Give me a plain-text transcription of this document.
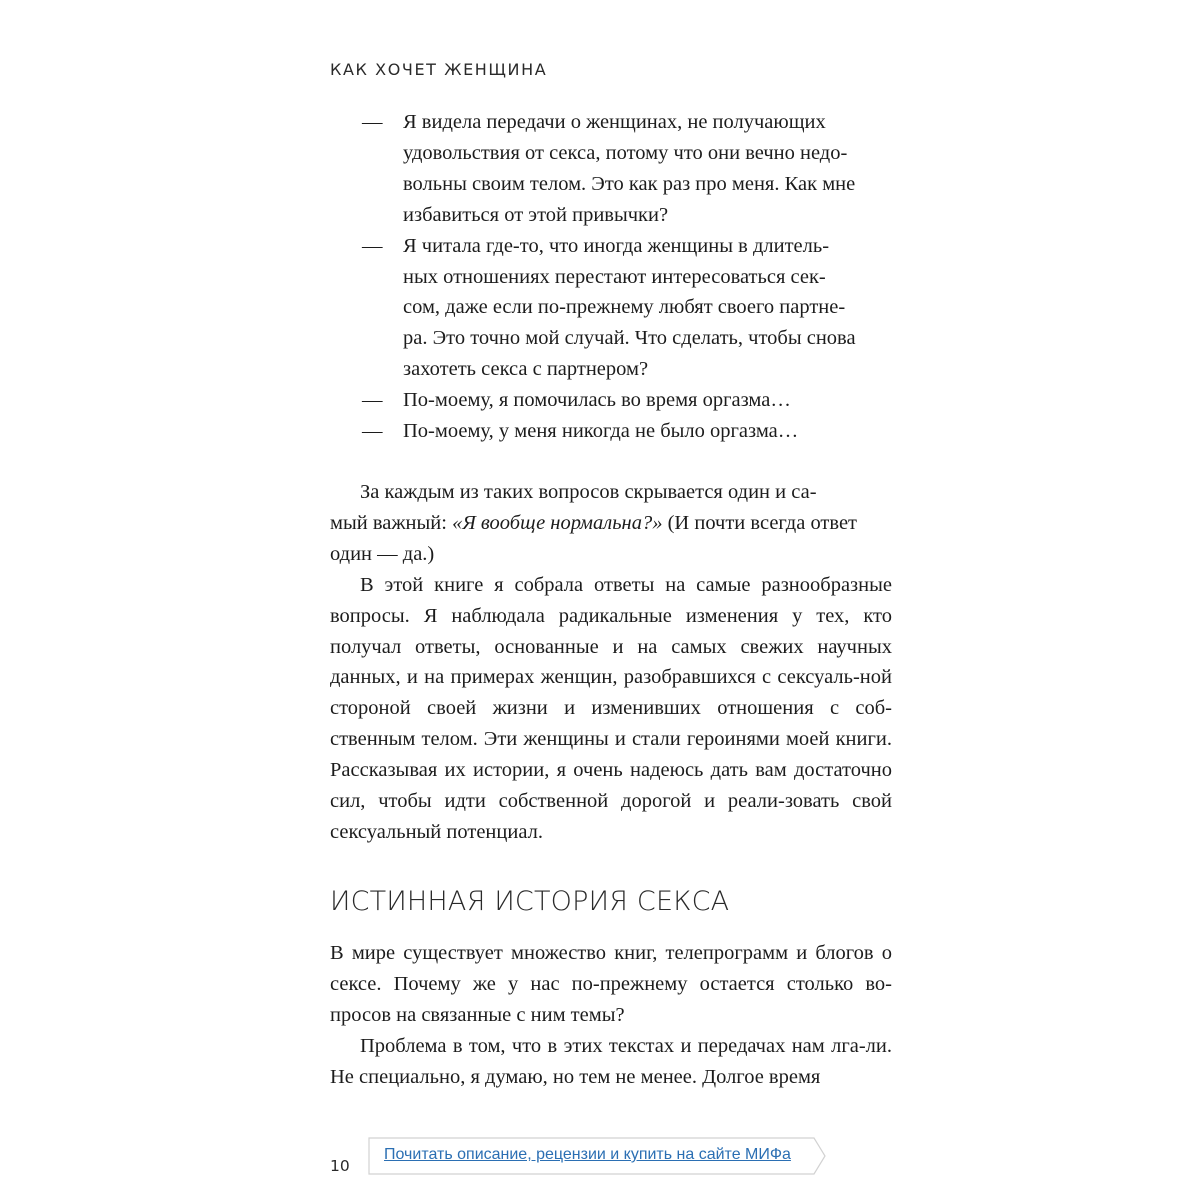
КАК ХОЧЕТ ЖЕНЩИНА
— Я видела передачи о женщинах, не получающих
удовольствия от секса, потому что они вечно недо-
вольны своим телом. Это как раз про меня. Как мне
избавиться от этой привычки?
— Я читала где-то, что иногда женщины в длитель-
ных отношениях перестают интересоваться сек-
сом, даже если по-прежнему любят своего партне-
ра. Это точно мой случай. Что сделать, чтобы снова
захотеть секса с партнером?
— По-моему, я помочилась во время оргазма…
— По-моему, у меня никогда не было оргазма…

За каждым из таких вопросов скрывается один и са-
мый важный: «Я вообще нормальна?» (И почти всегда ответ
один — да.)

В этой книге я собрала ответы на самые разнообразные вопросы. Я наблюдала радикальные изменения у тех, кто получал ответы, основанные и на самых свежих научных данных, и на примерах женщин, разобравшихся с сексуаль-ной стороной своей жизни и изменивших отношения с соб-ственным телом. Эти женщины и стали героинями моей книги. Рассказывая их истории, я очень надеюсь дать вам достаточно сил, чтобы идти собственной дорогой и реали-зовать свой сексуальный потенциал.

ИСТИННАЯ ИСТОРИЯ СЕКСА

В мире существует множество книг, телепрограмм и блогов о сексе. Почему же у нас по-прежнему остается столько во-просов на связанные с ним темы?

Проблема в том, что в этих текстах и передачах нам лга-ли. Не специально, я думаю, но тем не менее. Долгое время

10
Почитать описание, рецензии и купить на сайте МИФа
